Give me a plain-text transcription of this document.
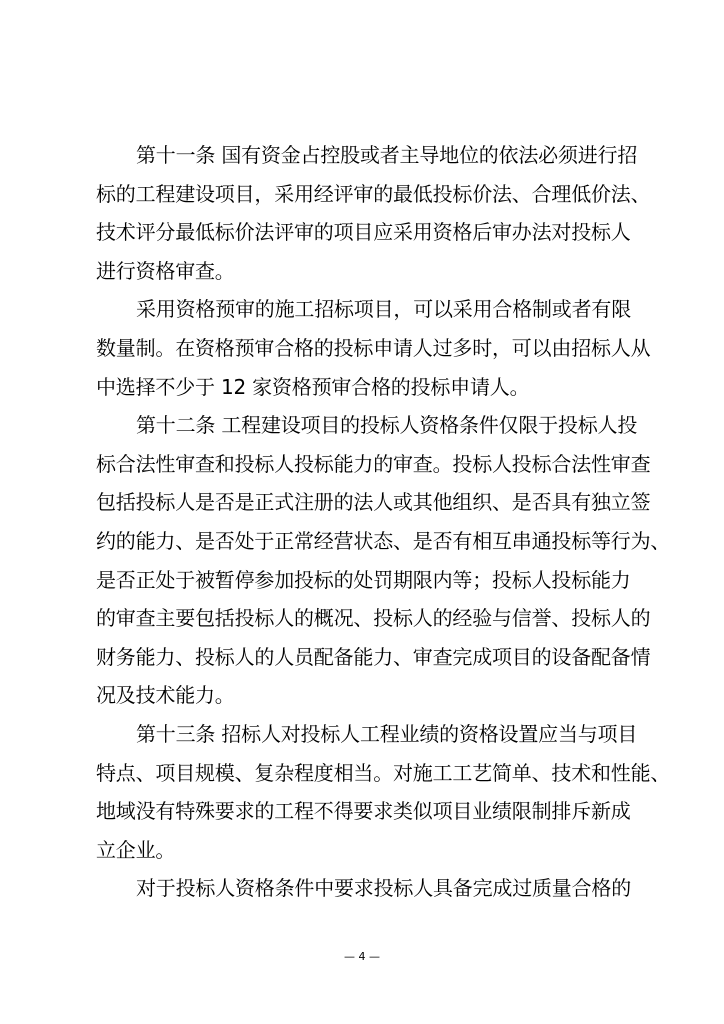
第十一条 国有资金占控股或者主导地位的依法必须进行招
标的工程建设项目，采用经评审的最低投标价法、合理低价法、
技术评分最低标价法评审的项目应采用资格后审办法对投标人
进行资格审查。
采用资格预审的施工招标项目，可以采用合格制或者有限
数量制。在资格预审合格的投标申请人过多时，可以由招标人从
中选择不少于 12 家资格预审合格的投标申请人。
第十二条 工程建设项目的投标人资格条件仅限于投标人投
标合法性审查和投标人投标能力的审查。投标人投标合法性审查
包括投标人是否是正式注册的法人或其他组织、是否具有独立签
约的能力、是否处于正常经营状态、是否有相互串通投标等行为、
是否正处于被暂停参加投标的处罚期限内等；投标人投标能力
的审查主要包括投标人的概况、投标人的经验与信誉、投标人的
财务能力、投标人的人员配备能力、审查完成项目的设备配备情
况及技术能力。
第十三条 招标人对投标人工程业绩的资格设置应当与项目
特点、项目规模、复杂程度相当。对施工工艺简单、技术和性能、
地域没有特殊要求的工程不得要求类似项目业绩限制排斥新成
立企业。
对于投标人资格条件中要求投标人具备完成过质量合格的
— 4 —
